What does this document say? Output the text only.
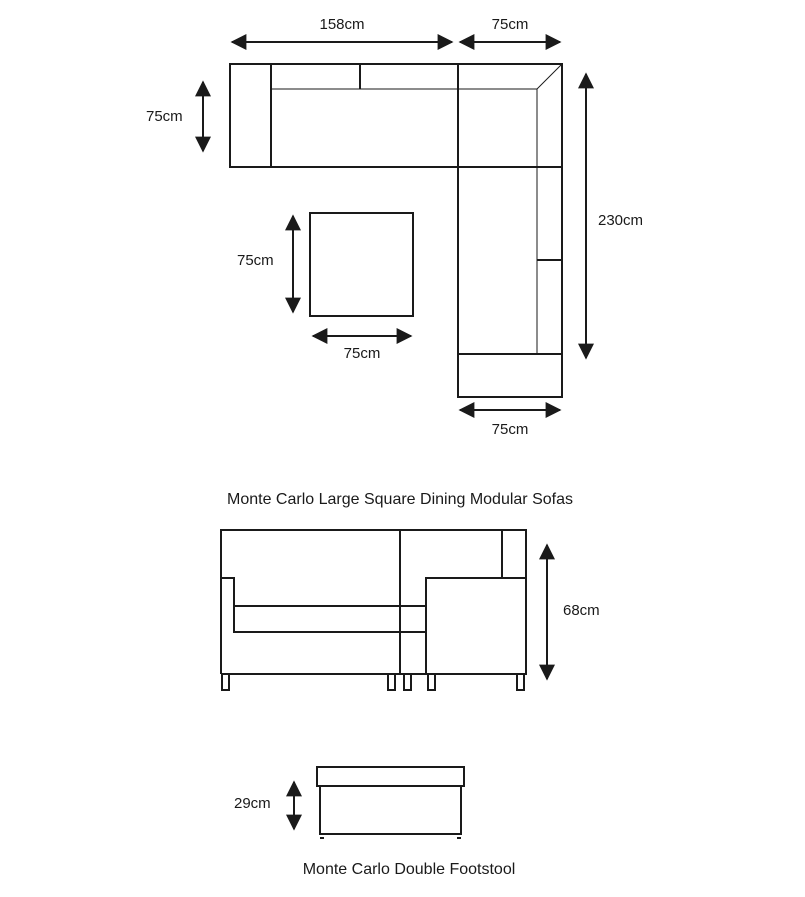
158cm	75cm
75cm
230cm
75cm
75cm
75cm
Monte Carlo Large Square Dining Modular Sofas
68cm
29cm
Monte Carlo Double Footstool
